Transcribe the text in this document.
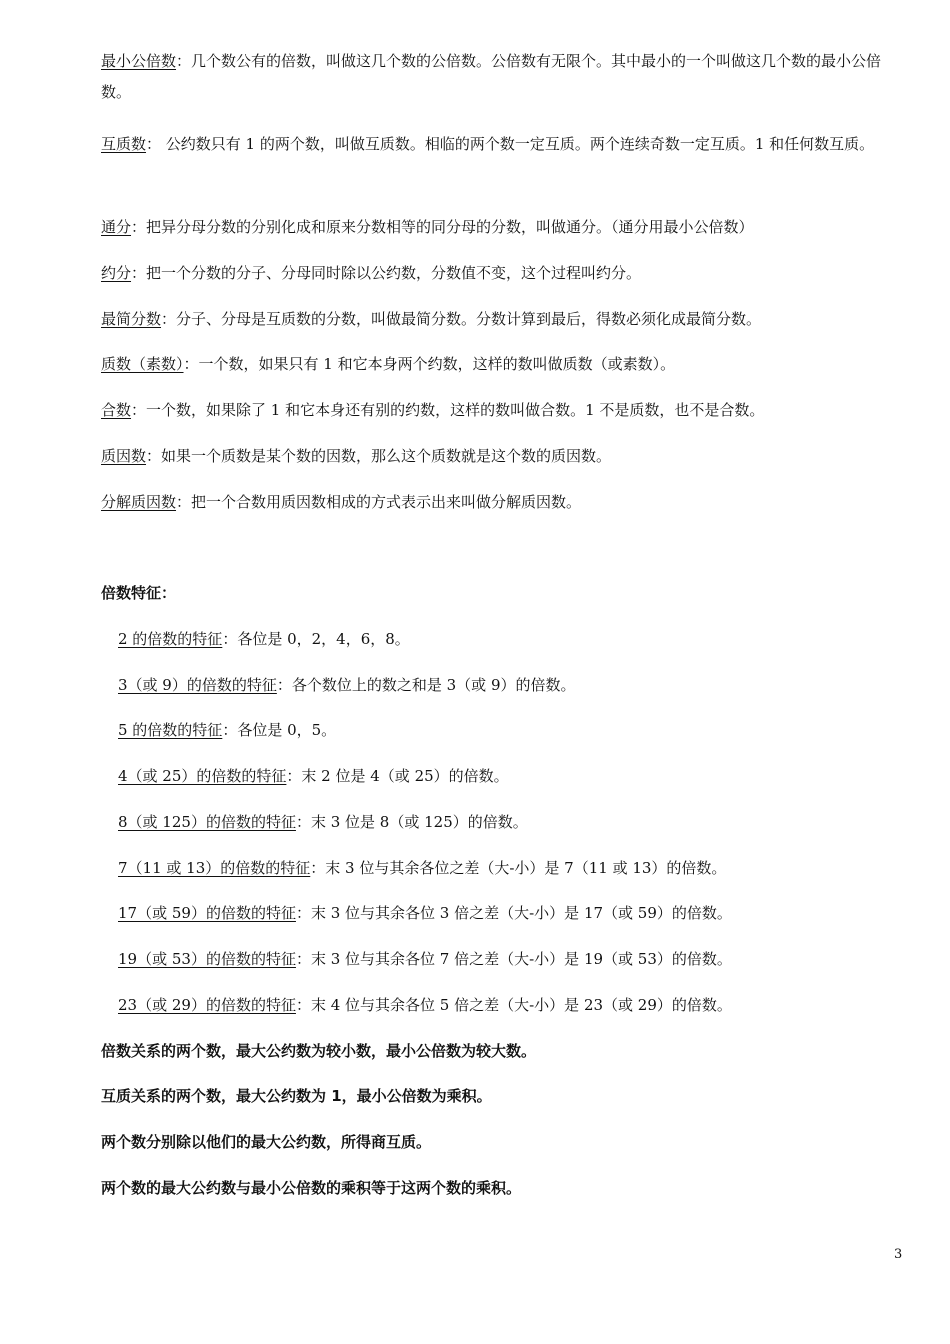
最小公倍数：几个数公有的倍数，叫做这几个数的公倍数。公倍数有无限个。其中最小的一个叫做这几个数的最小公倍数。

互质数： 公约数只有 1 的两个数，叫做互质数。相临的两个数一定互质。两个连续奇数一定互质。1 和任何数互质。

通分：把异分母分数的分别化成和原来分数相等的同分母的分数，叫做通分。（通分用最小公倍数）

约分：把一个分数的分子、分母同时除以公约数，分数值不变，这个过程叫约分。

最简分数：分子、分母是互质数的分数，叫做最简分数。分数计算到最后，得数必须化成最简分数。

质数（素数）：一个数，如果只有 1 和它本身两个约数，这样的数叫做质数（或素数）。

合数：一个数，如果除了 1 和它本身还有别的约数，这样的数叫做合数。1 不是质数，也不是合数。

质因数：如果一个质数是某个数的因数，那么这个质数就是这个数的质因数。

分解质因数：把一个合数用质因数相成的方式表示出来叫做分解质因数。

倍数特征：

2 的倍数的特征：各位是 0，2，4，6，8。

3（或 9）的倍数的特征：各个数位上的数之和是 3（或 9）的倍数。

5 的倍数的特征：各位是 0，5。

4（或 25）的倍数的特征：末 2 位是 4（或 25）的倍数。

8（或 125）的倍数的特征：末 3 位是 8（或 125）的倍数。

7（11 或 13）的倍数的特征：末 3 位与其余各位之差（大-小）是 7（11 或 13）的倍数。

17（或 59）的倍数的特征：末 3 位与其余各位 3 倍之差（大-小）是 17（或 59）的倍数。

19（或 53）的倍数的特征：末 3 位与其余各位 7 倍之差（大-小）是 19（或 53）的倍数。

23（或 29）的倍数的特征：末 4 位与其余各位 5 倍之差（大-小）是 23（或 29）的倍数。

倍数关系的两个数，最大公约数为较小数，最小公倍数为较大数。

互质关系的两个数，最大公约数为 1，最小公倍数为乘积。

两个数分别除以他们的最大公约数，所得商互质。

两个数的最大公约数与最小公倍数的乘积等于这两个数的乘积。

3
